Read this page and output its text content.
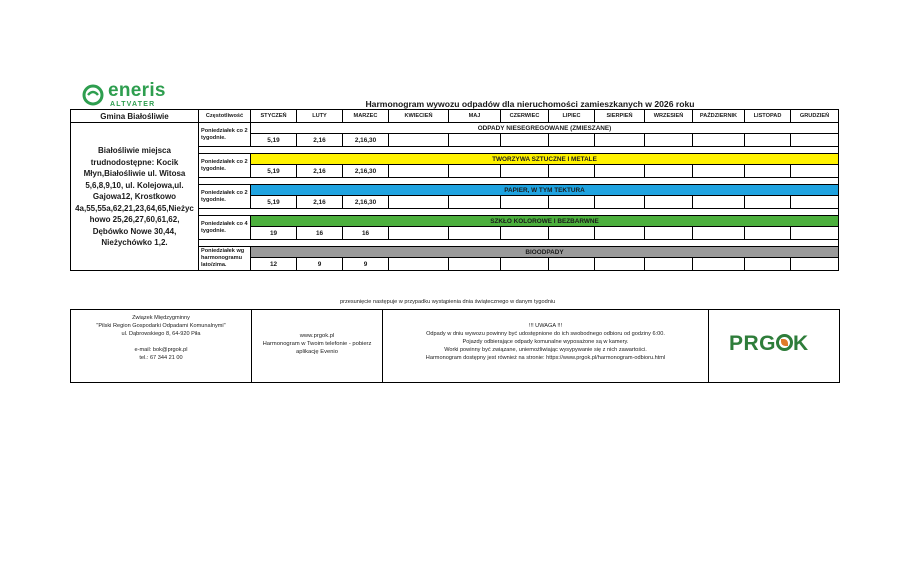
eneris
ALTVATER	Harmonogram wywozu odpadów dla nieruchomości zamieszkanych w 2026 roku
Gmina Białośliwie	Częstotliwość	STYCZEŃ	LUTY	MARZEC	KWIECIEŃ	MAJ	CZERWIEC	LIPIEC	SIERPIEŃ	WRZESIEŃ	PAŹDZIERNIK	LISTOPAD	GRUDZIEŃ

Białośliwie miejsca trudnodostępne: Kocik Młyn,Białośliwie ul. Witosa 5,6,8,9,10, ul. Kolejowa,ul. Gajowa12, Krostkowo 4a,55,55a,62,21,23,64,65,Nieżyc howo 25,26,27,60,61,62, Dębówko Nowe 30,44, Nieżychówko 1,2.	Poniedziałek co 2 tygodnie.	ODPADY NIESEGREGOWANE (ZMIESZANE)											
		5,19	2,16	2,16,30									

	Poniedziałek co 2 tygodnie.	TWORZYWA SZTUCZNE I METALE											
		5,19	2,16	2,16,30									

	Poniedziałek co 2 tygodnie.	PAPIER, W TYM TEKTURA											
		5,19	2,16	2,16,30									

	Poniedziałek co 4 tygodnie.	SZKŁO KOLOROWE I BEZBARWNE											
		19	16	16									

	Poniedziałek wg harmonogramu lato/zima.	BIOODPADY											
		12	9	9									
przesunięcie następuje w przypadku wystąpienia dnia świątecznego w danym tygodniu
Związek Międzygminny
"Pilski Region Gospodarki Odpadami Komunalnymi"
ul. Dąbrowskiego 8, 64-920 Piła

e-mail: bok@prgok.pl
tel.: 67 344 21 00
www.prgok.pl
Harmonogram w Twoim telefonie - pobierz
aplikację Evenio
!!! UWAGA !!!
Odpady w dniu wywozu powinny być udostępnione do ich swobodnego odbioru od godziny 6:00.
Pojazdy odbierające odpady komunalne wyposażone są w kamery.
Worki powinny być związane, uniemożliwiając wysypywanie się z nich zawartości.
Harmonogram dostępny jest również na stronie: https://www.prgok.pl/harmonogram-odbioru.html
PRG K
